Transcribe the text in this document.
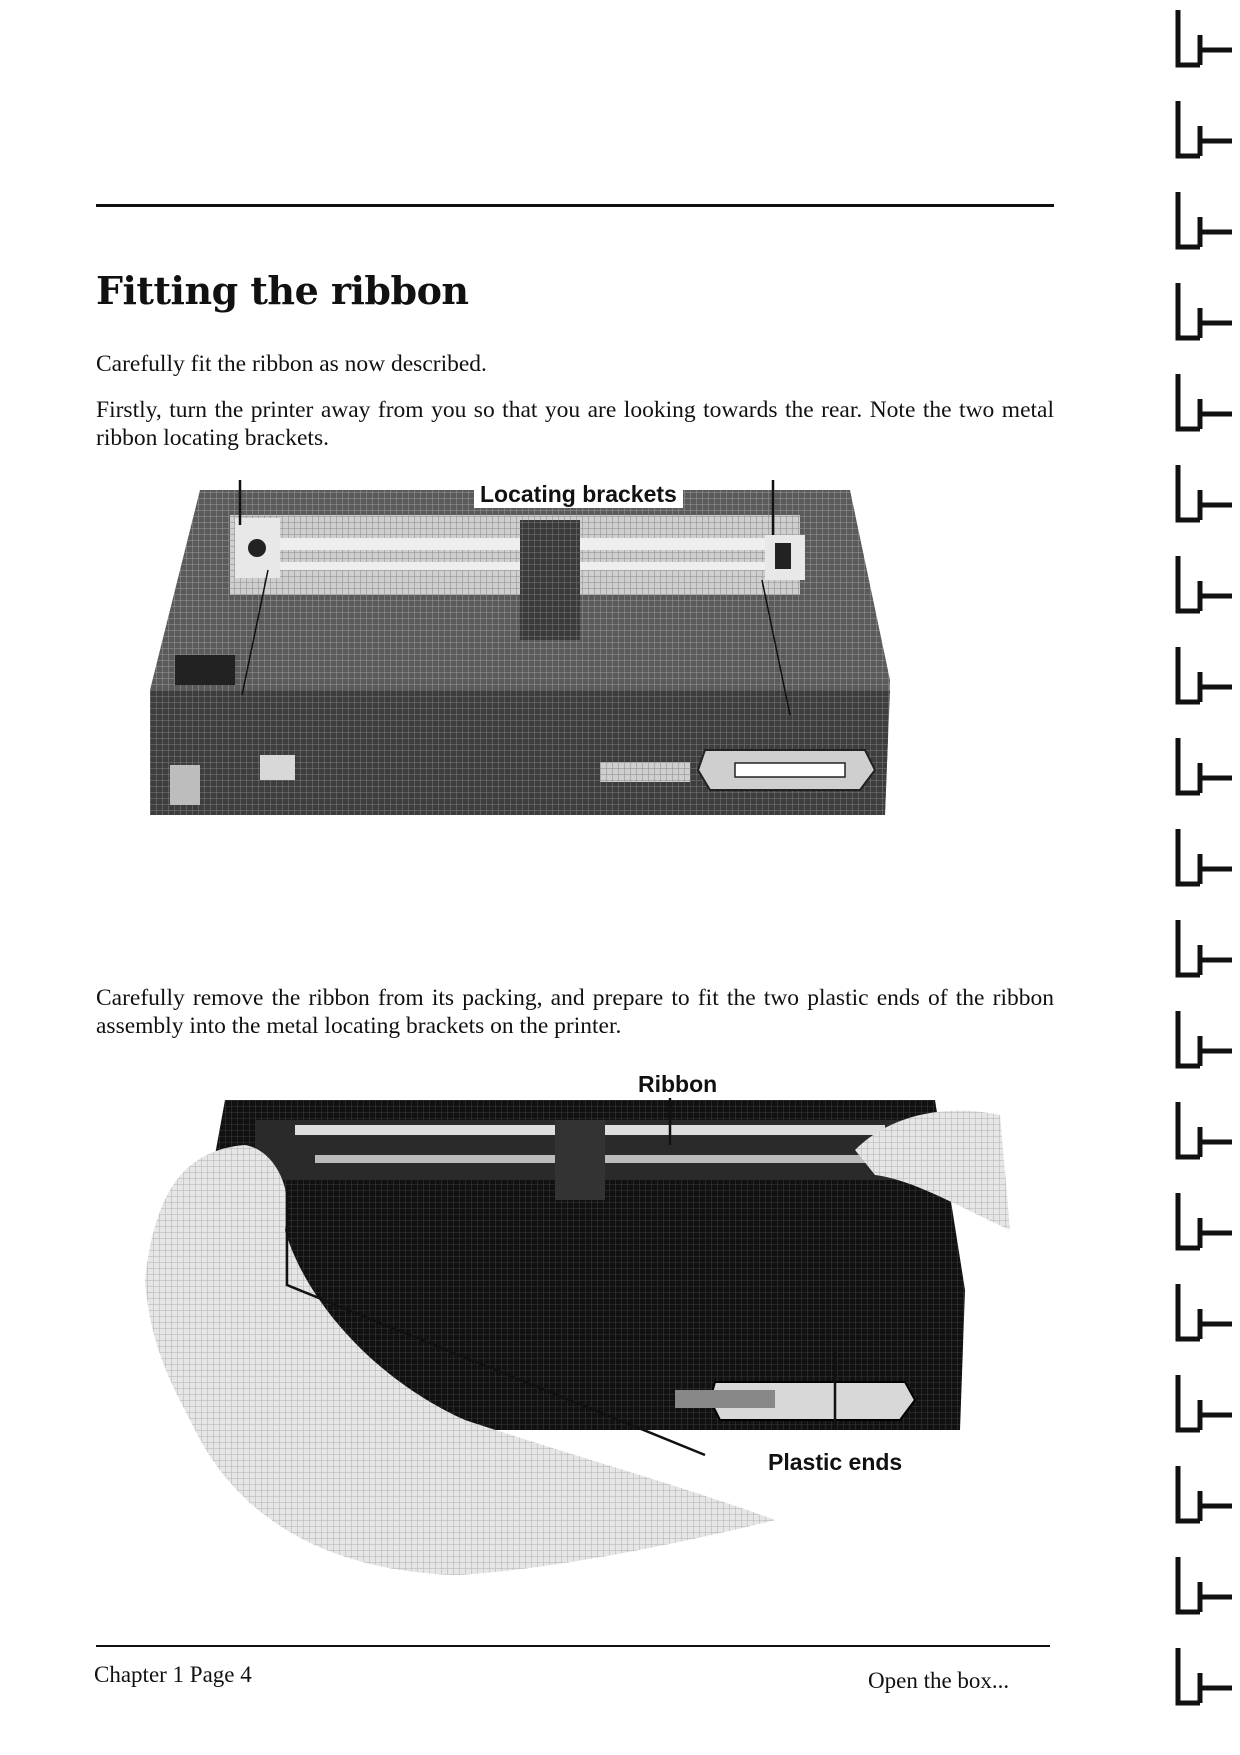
Fitting the ribbon

Carefully fit the ribbon as now described.

Firstly, turn the printer away from you so that you are looking towards the rear. Note the two metal ribbon locating brackets.

Locating brackets

Carefully remove the ribbon from its packing, and prepare to fit the two plastic ends of the ribbon assembly into the metal locating brackets on the printer.

Ribbon
Plastic ends
Chapter 1 Page 4	Open the box...
